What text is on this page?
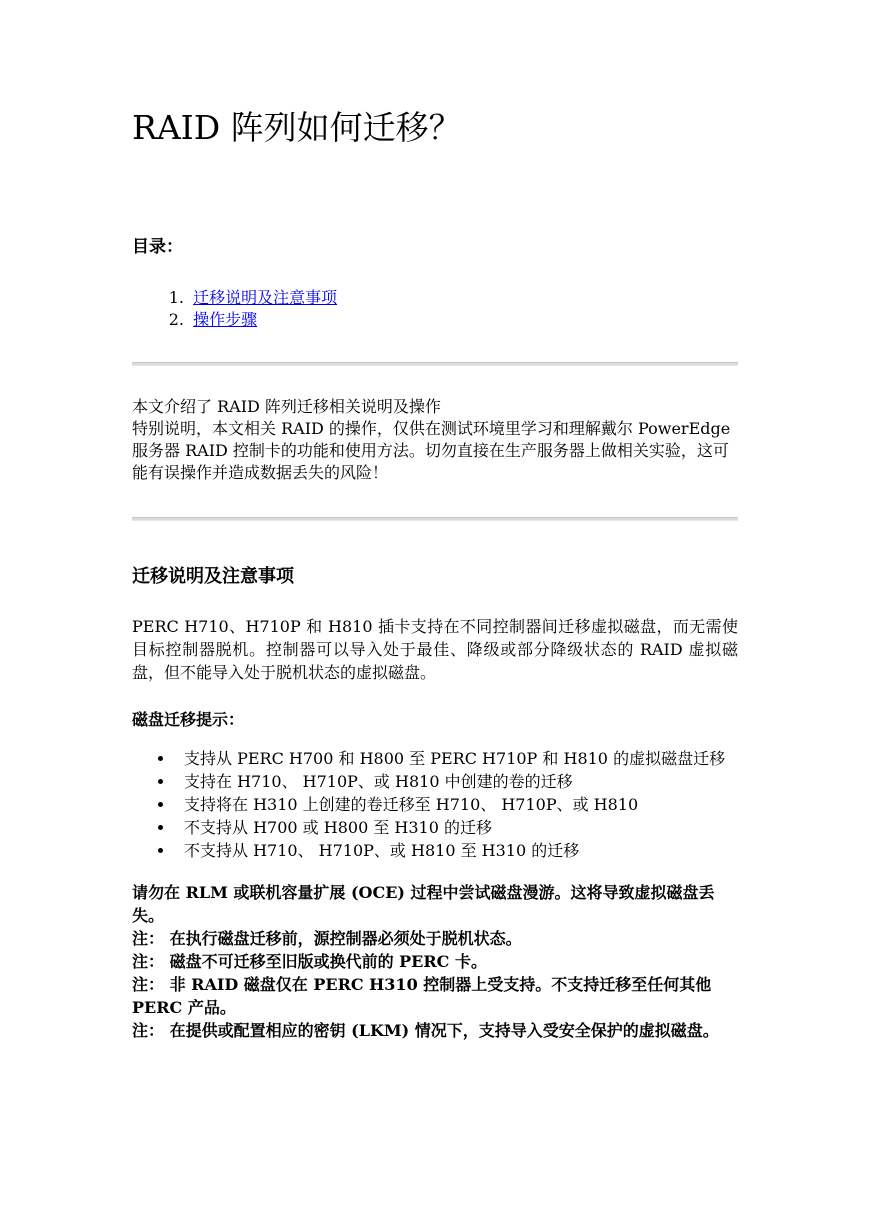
RAID 阵列如何迁移？
目录：
1. 迁移说明及注意事项
2. 操作步骤
本文介绍了 RAID 阵列迁移相关说明及操作
特别说明，本文相关 RAID 的操作，仅供在测试环境里学习和理解戴尔 PowerEdge 服务器 RAID 控制卡的功能和使用方法。切勿直接在生产服务器上做相关实验，这可能有误操作并造成数据丢失的风险！
迁移说明及注意事项

PERC H710、H710P 和 H810 插卡支持在不同控制器间迁移虚拟磁盘，而无需使目标控制器脱机。控制器可以导入处于最佳、降级或部分降级状态的 RAID 虚拟磁盘，但不能导入处于脱机状态的虚拟磁盘。

磁盘迁移提示：

支持从 PERC H700 和 H800 至 PERC H710P 和 H810 的虚拟磁盘迁移
支持在 H710、 H710P、或 H810 中创建的卷的迁移
支持将在 H310 上创建的卷迁移至 H710、 H710P、或 H810
不支持从 H700 或 H800 至 H310 的迁移
不支持从 H710、 H710P、或 H810 至 H310 的迁移

请勿在 RLM 或联机容量扩展 (OCE) 过程中尝试磁盘漫游。这将导致虚拟磁盘丢失。

注： 在执行磁盘迁移前，源控制器必须处于脱机状态。

注： 磁盘不可迁移至旧版或换代前的 PERC 卡。

注： 非 RAID 磁盘仅在 PERC H310 控制器上受支持。不支持迁移至任何其他 PERC 产品。

注： 在提供或配置相应的密钥 (LKM) 情况下，支持导入受安全保护的虚拟磁盘。
